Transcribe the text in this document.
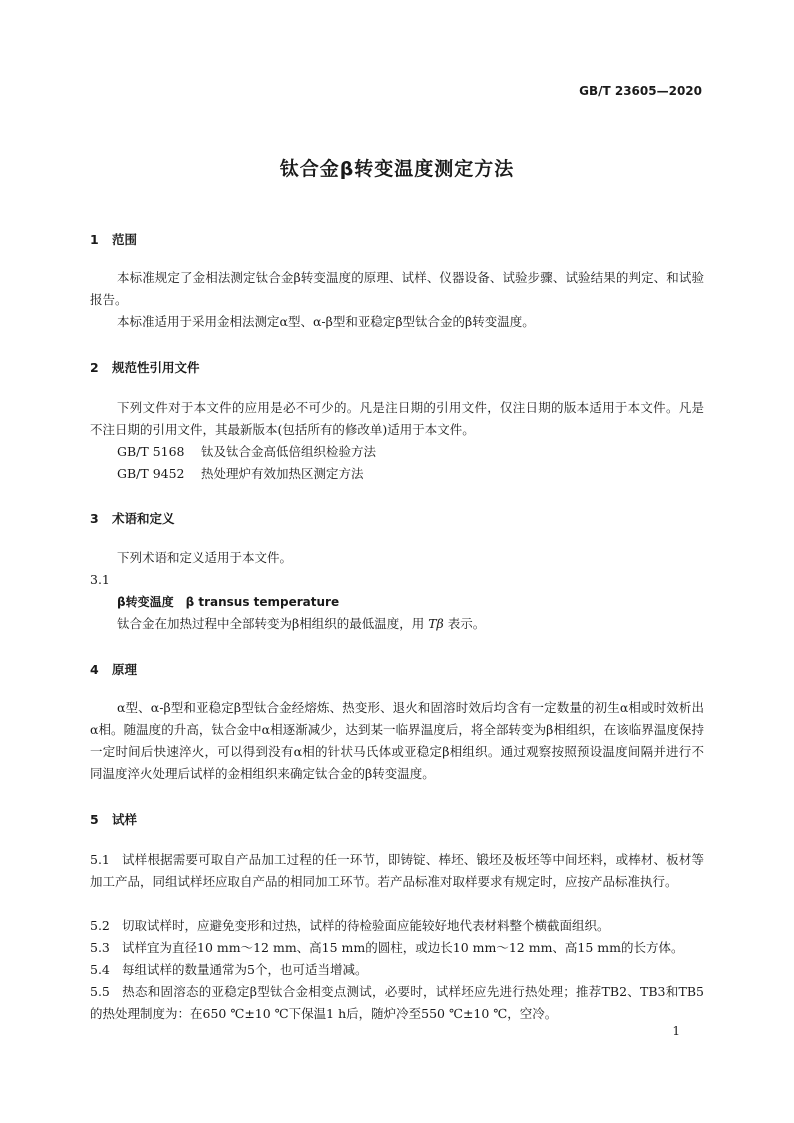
GB/T 23605—2020
钛合金β转变温度测定方法
1 范围
本标准规定了金相法测定钛合金β转变温度的原理、试样、仪器设备、试验步骤、试验结果的判定、和试验报告。
本标准适用于采用金相法测定α型、α-β型和亚稳定β型钛合金的β转变温度。
2 规范性引用文件
下列文件对于本文件的应用是必不可少的。凡是注日期的引用文件，仅注日期的版本适用于本文件。凡是不注日期的引用文件，其最新版本(包括所有的修改单)适用于本文件。
GB/T 5168 钛及钛合金高低倍组织检验方法
GB/T 9452 热处理炉有效加热区测定方法
3 术语和定义
下列术语和定义适用于本文件。
3.1
β转变温度　β transus temperature
钛合金在加热过程中全部转变为β相组织的最低温度，用 Tβ 表示。
4 原理
α型、α-β型和亚稳定β型钛合金经熔炼、热变形、退火和固溶时效后均含有一定数量的初生α相或时效析出α相。随温度的升高，钛合金中α相逐渐减少，达到某一临界温度后，将全部转变为β相组织，在该临界温度保持一定时间后快速淬火，可以得到没有α相的针状马氏体或亚稳定β相组织。通过观察按照预设温度间隔并进行不同温度淬火处理后试样的金相组织来确定钛合金的β转变温度。
5 试样
5.1 试样根据需要可取自产品加工过程的任一环节，即铸锭、棒坯、锻坯及板坯等中间坯料，或棒材、板材等加工产品，同组试样坯应取自产品的相同加工环节。若产品标准对取样要求有规定时，应按产品标准执行。
5.2 切取试样时，应避免变形和过热，试样的待检验面应能较好地代表材料整个横截面组织。
5.3 试样宜为直径10 mm～12 mm、高15 mm的圆柱，或边长10 mm～12 mm、高15 mm的长方体。
5.4 每组试样的数量通常为5个，也可适当增减。
5.5 热态和固溶态的亚稳定β型钛合金相变点测试，必要时，试样坯应先进行热处理；推荐TB2、TB3和TB5的热处理制度为：在650 ℃±10 ℃下保温1 h后，随炉冷至550 ℃±10 ℃，空冷。
1
